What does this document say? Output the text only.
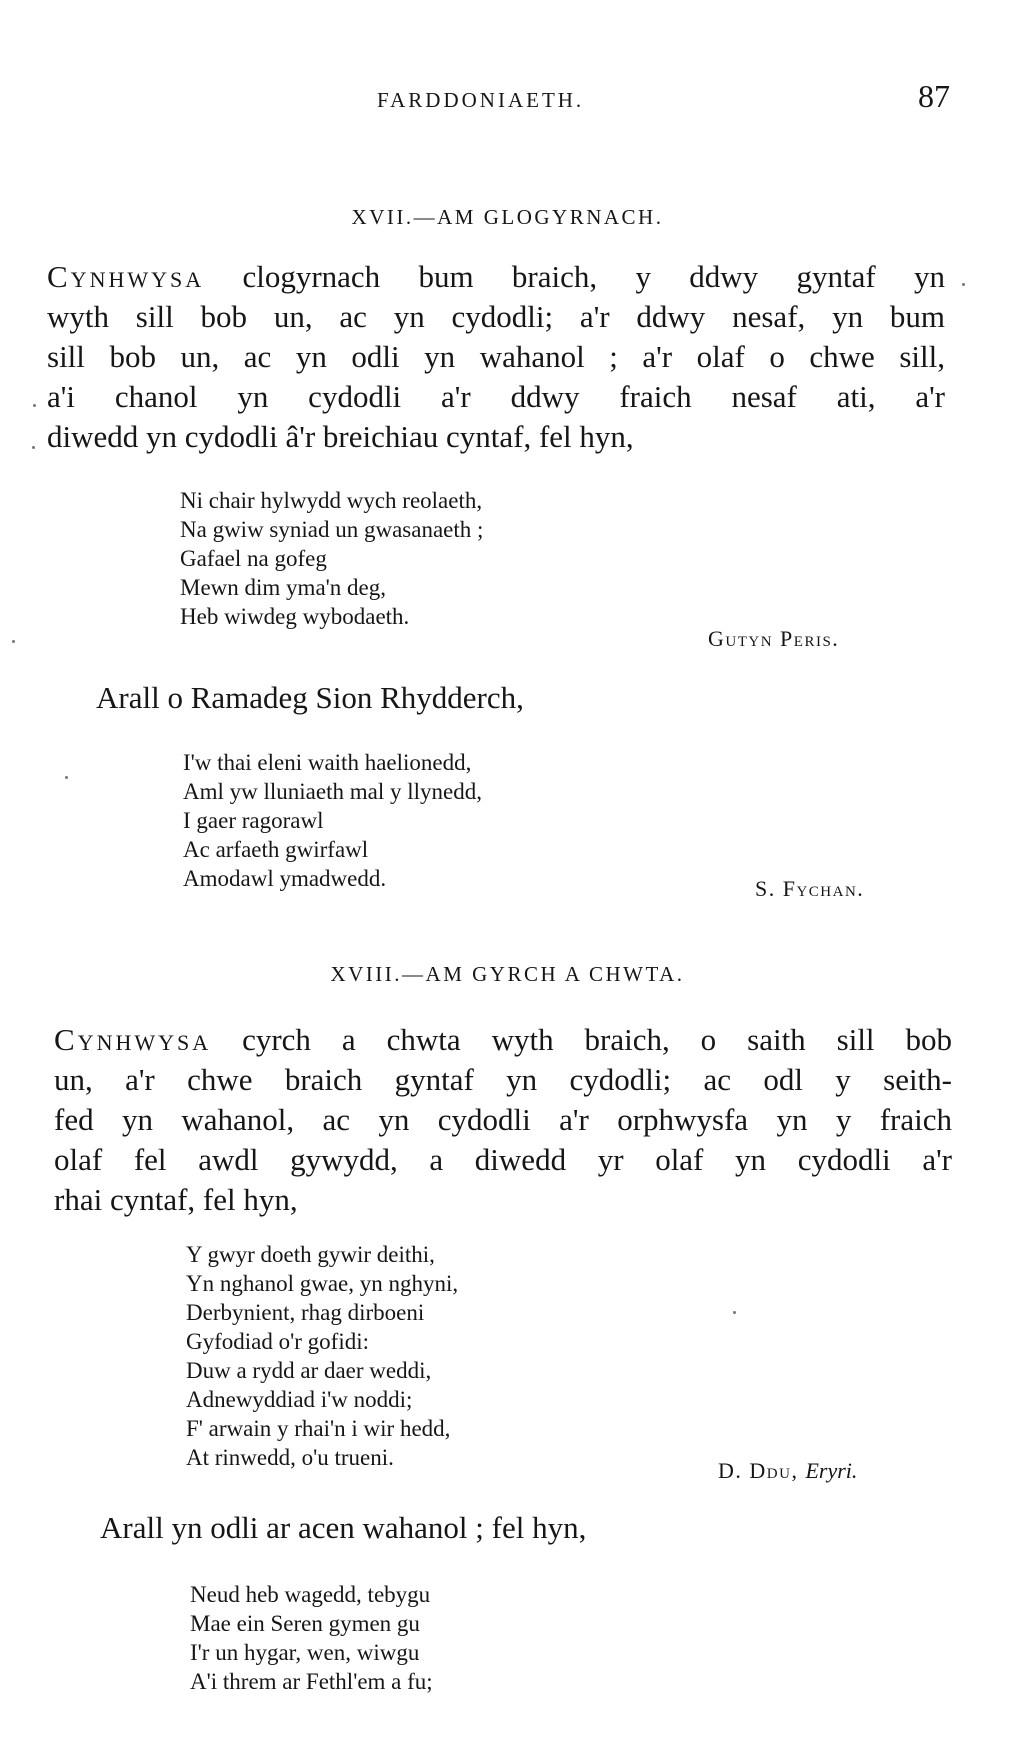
FARDDONIAETH.	87
XVII.—AM GLOGYRNACH.
Cynhwysa clogyrnach bum braich, y ddwy gyntaf yn
wyth sill bob un, ac yn cydodli; a'r ddwy nesaf, yn bum
sill bob un, ac yn odli yn wahanol ; a'r olaf o chwe sill,
a'i chanol yn cydodli a'r ddwy fraich nesaf ati, a'r
diwedd yn cydodli â'r breichiau cyntaf, fel hyn,
Ni chair hylwydd wych reolaeth,
Na gwiw syniad un gwasanaeth ;
Gafael na gofeg
Mewn dim yma'n deg,
Heb wiwdeg wybodaeth.
Gutyn Peris.
Arall o Ramadeg Sion Rhydderch,
I'w thai eleni waith haelionedd,
Aml yw lluniaeth mal y llynedd,
I gaer ragorawl
Ac arfaeth gwirfawl
Amodawl ymadwedd.	S. Fychan.
XVIII.—AM GYRCH A CHWTA.
Cynhwysa cyrch a chwta wyth braich, o saith sill bob
un, a'r chwe braich gyntaf yn cydodli; ac odl y seith-
fed yn wahanol, ac yn cydodli a'r orphwysfa yn y fraich
olaf fel awdl gywydd, a diwedd yr olaf yn cydodli a'r
rhai cyntaf, fel hyn,
Y gwyr doeth gywir deithi,
Yn nghanol gwae, yn nghyni,
Derbynient, rhag dirboeni
Gyfodiad o'r gofidi:
Duw a rydd ar daer weddi,
Adnewyddiad i'w noddi;
F' arwain y rhai'n i wir hedd,
At rinwedd, o'u trueni.
D. Ddu, Eryri.
Arall yn odli ar acen wahanol ; fel hyn,
Neud heb wagedd, tebygu
Mae ein Seren gymen gu
I'r un hygar, wen, wiwgu
A'i threm ar Fethl'em a fu;
